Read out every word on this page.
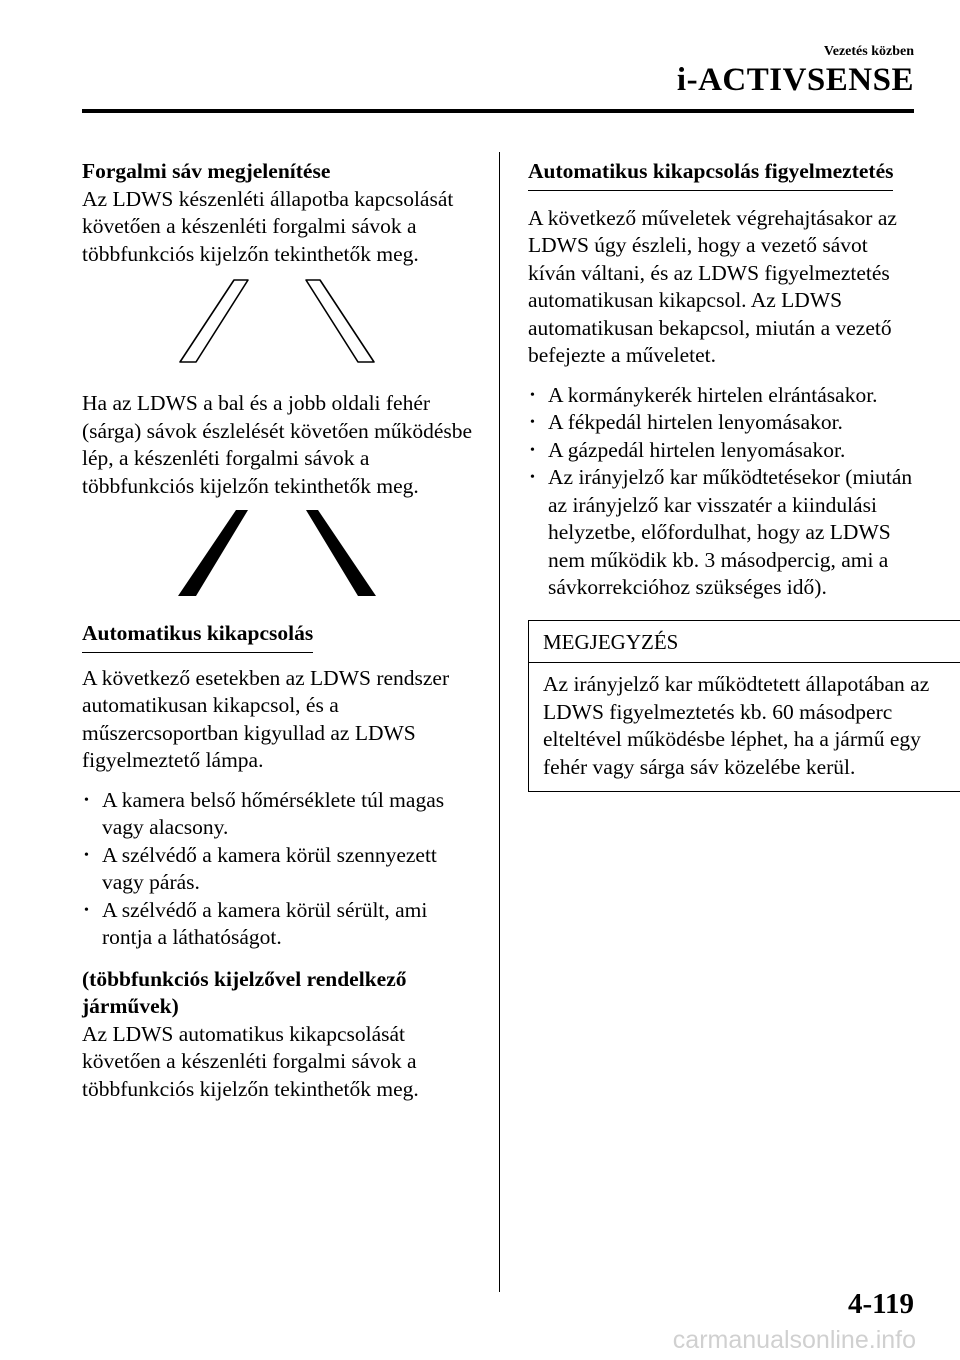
Vezetés közben
i-ACTIVSENSE

Forgalmi sáv megjelenítése

Az LDWS készenléti állapotba kapcsolását követően a készenléti forgalmi sávok a többfunkciós kijelzőn tekinthetők meg.

Ha az LDWS a bal és a jobb oldali fehér (sárga) sávok észlelését követően működésbe lép, a készenléti forgalmi sávok a többfunkciós kijelzőn tekinthetők meg.

Automatikus kikapcsolás

A következő esetekben az LDWS rendszer automatikusan kikapcsol, és a műszercsoportban kigyullad az LDWS figyelmeztető lámpa.

• A kamera belső hőmérséklete túl magas vagy alacsony.

• A szélvédő a kamera körül szennyezett vagy párás.

• A szélvédő a kamera körül sérült, ami rontja a láthatóságot.

(többfunkciós kijelzővel rendelkező járművek)

Az LDWS automatikus kikapcsolását követően a készenléti forgalmi sávok a többfunkciós kijelzőn tekinthetők meg.

Automatikus kikapcsolás figyelmeztetés

A következő műveletek végrehajtásakor az LDWS úgy észleli, hogy a vezető sávot kíván váltani, és az LDWS figyelmeztetés automatikusan kikapcsol. Az LDWS automatikusan bekapcsol, miután a vezető befejezte a műveletet.

• A kormánykerék hirtelen elrántásakor.

• A fékpedál hirtelen lenyomásakor.

• A gázpedál hirtelen lenyomásakor.

• Az irányjelző kar működtetésekor (miután az irányjelző kar visszatér a kiindulási helyzetbe, előfordulhat, hogy az LDWS nem működik kb. 3 másodpercig, ami a sávkorrekcióhoz szükséges idő).

MEGJEGYZÉS
Az irányjelző kar működtetett állapotában az LDWS figyelmeztetés kb. 60 másodperc elteltével működésbe léphet, ha a jármű egy fehér vagy sárga sáv közelébe kerül.
4-119
carmanualsonline.info
